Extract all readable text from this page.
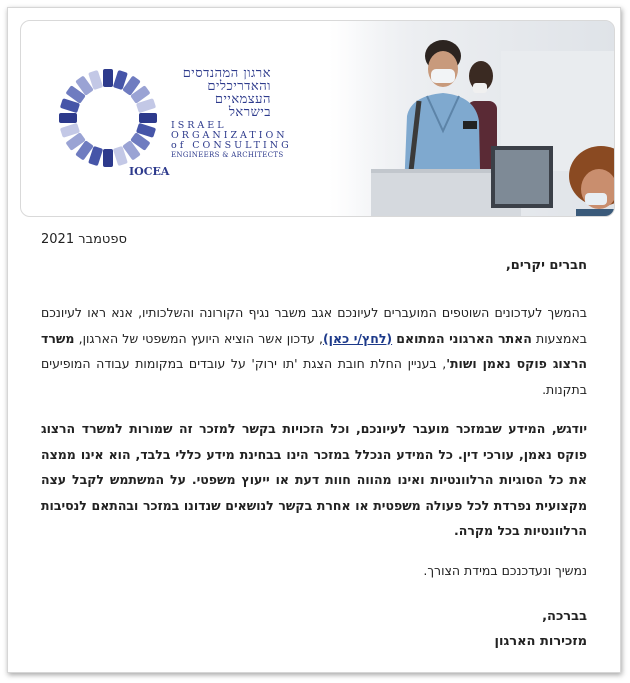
ארגון המהנדסים
והאדריכלים
העצמאיים
בישראל
ISRAEL
ORGANIZATION
of CONSULTING
ENGINEERS & ARCHITECTS
IOCEA
ספטמבר 2021
חברים יקרים,
בהמשך לעדכונים השוטפים המועברים לעיונכם אגב משבר נגיף הקורונה והשלכותיו, אנא ראו לעיונכם באמצעות האתר הארגוני המתואם (לחץ/י כאן), עדכון אשר הוציא היועץ המשפטי של הארגון, משרד הרצוג פוקס נאמן ושות', בעניין החלת חובת הצגת 'תו ירוק' על עובדים במקומות עבודה המופיעים בתקנות.
יודגש, המידע שבמזכר מועבר לעיונכם, וכל הזכויות בקשר למזכר זה שמורות למשרד הרצוג פוקס נאמן, עורכי דין. כל המידע הנכלל במזכר הינו בבחינת מידע כללי בלבד, הוא אינו ממצה את כל הסוגיות הרלוונטיות ואינו מהווה חוות דעת או ייעוץ משפטי. על המשתמש לקבל עצה מקצועית נפרדת לכל פעולה משפטית או אחרת בקשר לנושאים שנדונו במזכר ובהתאם לנסיבות הרלוונטיות בכל מקרה.
נמשיך ונעדכנכם במידת הצורך.
בברכה,
מזכירות הארגון
